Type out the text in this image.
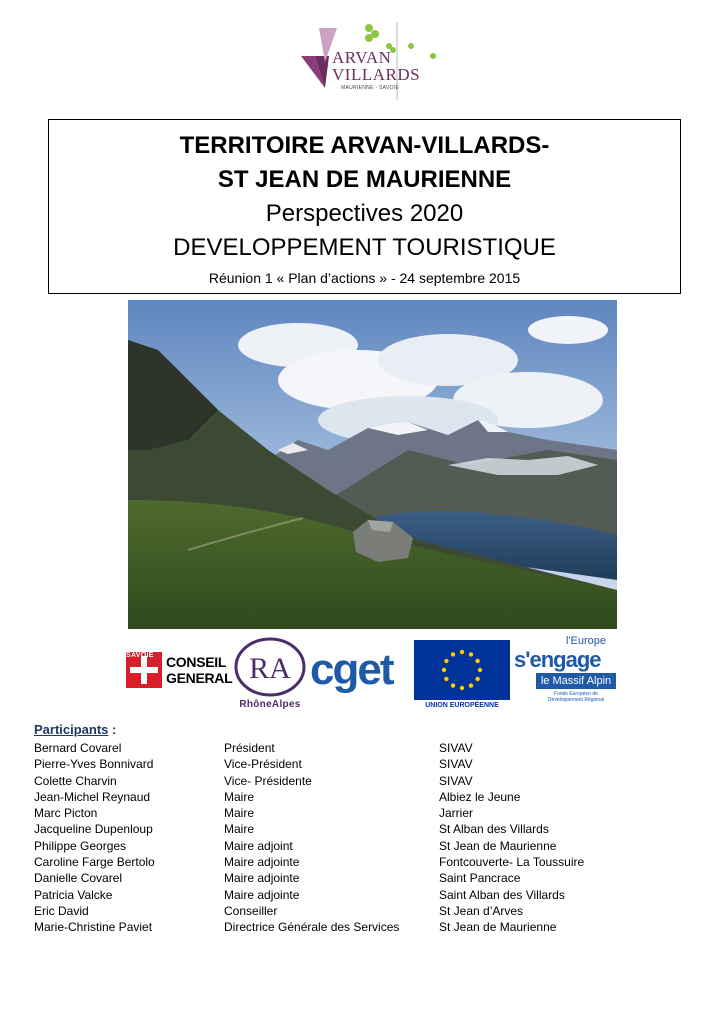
ARVAN
VILLARDS
MAURIENNE · SAVOIE
TERRITOIRE ARVAN-VILLARDS-
ST JEAN DE MAURIENNE
Perspectives 2020
DEVELOPPEMENT TOURISTIQUE
Réunion 1 « Plan d’actions » - 24 septembre 2015
SAVOIE CONSEIL
GENERAL RA
RhôneAlpes
cget
UNION EUROPÉENNE
l'Europe
s'engage
le Massif Alpin
Fonds Européen de Développement Régional
Participants :
Bernard Covarel	Président	SIVAV
Pierre-Yves Bonnivard	Vice-Président	SIVAV
Colette Charvin	Vice- Présidente	SIVAV
Jean-Michel Reynaud	Maire	Albiez le Jeune
Marc Picton	Maire	Jarrier
Jacqueline Dupenloup	Maire	St Alban des Villards
Philippe Georges	Maire adjoint	St Jean de Maurienne
Caroline Farge Bertolo	Maire adjointe	Fontcouverte- La Toussuire
Danielle Covarel	Maire adjointe	Saint Pancrace
Patricia Valcke	Maire adjointe	Saint Alban des Villards
Eric David	Conseiller	St Jean d’Arves
Marie-Christine Paviet	Directrice Générale des Services	St Jean de Maurienne
